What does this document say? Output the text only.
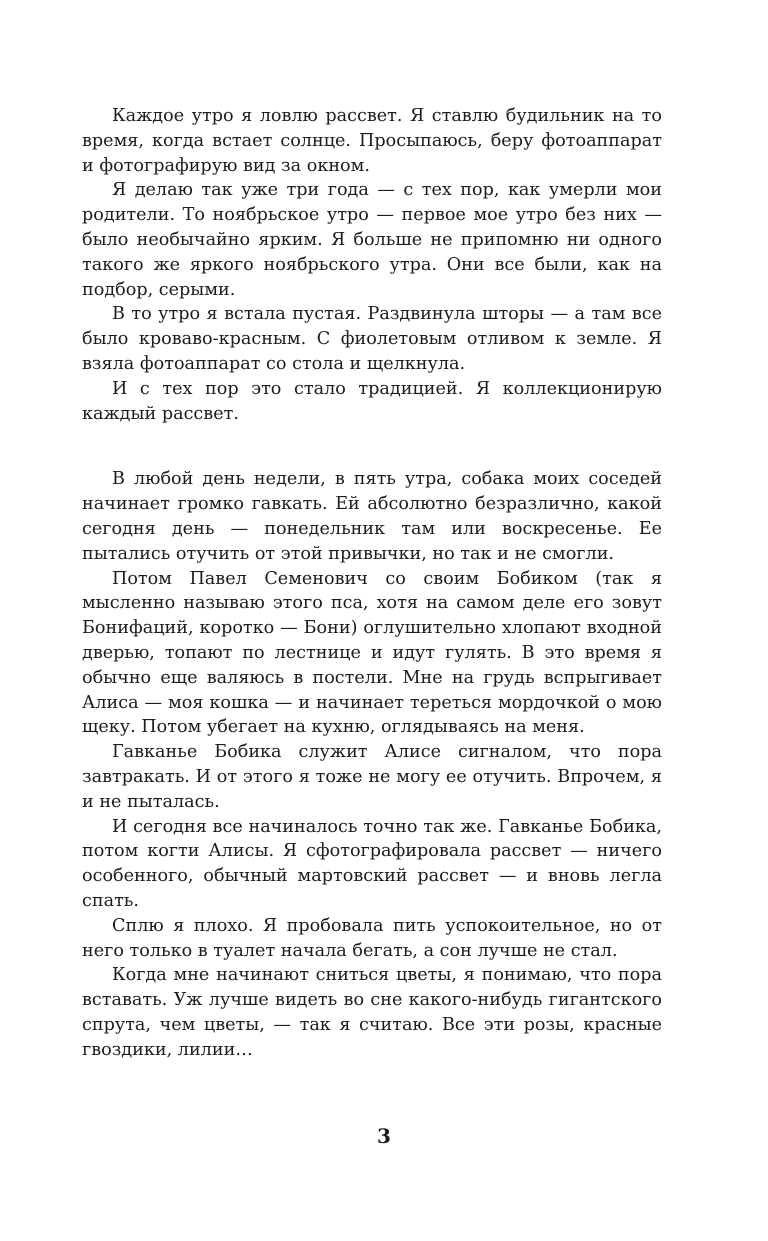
Каждое утро я ловлю рассвет. Я ставлю будильник на то время, когда встает солнце. Просыпаюсь, беру фотоаппарат и фотографирую вид за окном.

Я делаю так уже три года — с тех пор, как умерли мои родители. То ноябрьское утро — первое мое утро без них — было необычайно ярким. Я больше не припомню ни одного такого же яркого ноябрьского утра. Они все были, как на подбор, серыми.

В то утро я встала пустая. Раздвинула шторы — а там все было кроваво-красным. С фиолетовым отливом к земле. Я взяла фотоаппарат со стола и щелкнула.

И с тех пор это стало традицией. Я коллекционирую каждый рассвет.

В любой день недели, в пять утра, собака моих соседей начинает громко гавкать. Ей абсолютно безразлично, какой сегодня день — понедельник там или воскресенье. Ее пытались отучить от этой привычки, но так и не смогли.

Потом Павел Семенович со своим Бобиком (так я мысленно называю этого пса, хотя на самом деле его зовут Бонифаций, коротко — Бони) оглушительно хлопают входной дверью, топают по лестнице и идут гулять. В это время я обычно еще валяюсь в постели. Мне на грудь вспрыгивает Алиса — моя кошка — и начинает тереться мордочкой о мою щеку. Потом убегает на кухню, оглядываясь на меня.

Гавканье Бобика служит Алисе сигналом, что пора завтракать. И от этого я тоже не могу ее отучить. Впрочем, я и не пыталась.

И сегодня все начиналось точно так же. Гавканье Бобика, потом когти Алисы. Я сфотографировала рассвет — ничего особенного, обычный мартовский рассвет — и вновь легла спать.

Сплю я плохо. Я пробовала пить успокоительное, но от него только в туалет начала бегать, а сон лучше не стал.

Когда мне начинают сниться цветы, я понимаю, что пора вставать. Уж лучше видеть во сне какого-нибудь гигантского спрута, чем цветы, — так я считаю. Все эти розы, красные гвоздики, лилии…

3
